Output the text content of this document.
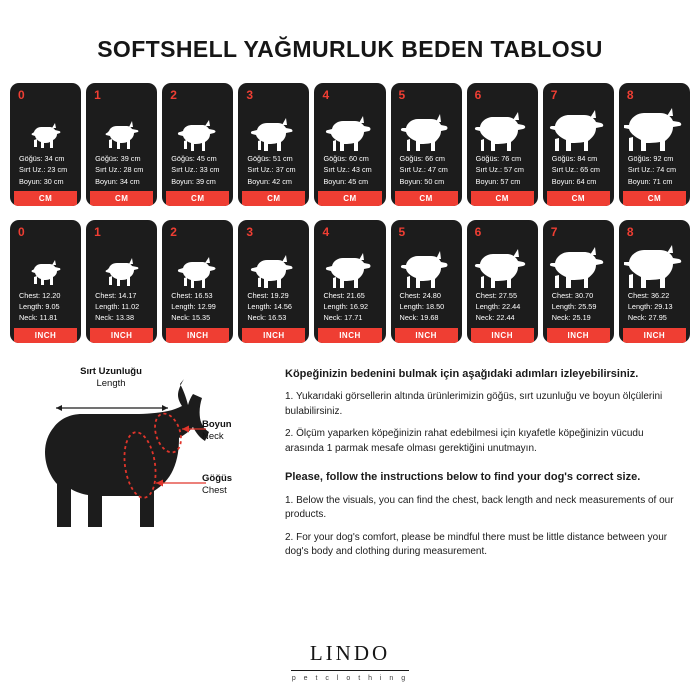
SOFTSHELL YAĞMURLUK BEDEN TABLOSU
0
Göğüs: 34 cm
Sırt Uz.: 23 cm
Boyun: 30 cm
CM
1
Göğüs: 39 cm
Sırt Uz.: 28 cm
Boyun: 34 cm
CM
2
Göğüs: 45 cm
Sırt Uz.: 33 cm
Boyun: 39 cm
CM
3
Göğüs: 51 cm
Sırt Uz.: 37 cm
Boyun: 42 cm
CM
4
Göğüs: 60 cm
Sırt Uz.: 43 cm
Boyun: 45 cm
CM
5
Göğüs: 66 cm
Sırt Uz.: 47 cm
Boyun: 50 cm
CM
6
Göğüs: 76 cm
Sırt Uz.: 57 cm
Boyun: 57 cm
CM
7
Göğüs: 84 cm
Sırt Uz.: 65 cm
Boyun: 64 cm
CM
8
Göğüs: 92 cm
Sırt Uz.: 74 cm
Boyun: 71 cm
CM
0
Chest: 12.20
Length: 9.05
Neck: 11.81
INCH
1
Chest: 14.17
Length: 11.02
Neck: 13.38
INCH
2
Chest: 16.53
Length: 12.99
Neck: 15.35
INCH
3
Chest: 19.29
Length: 14.56
Neck: 16.53
INCH
4
Chest: 21.65
Length: 16.92
Neck: 17.71
INCH
5
Chest: 24.80
Length: 18.50
Neck: 19.68
INCH
6
Chest: 27.55
Length: 22.44
Neck: 22.44
INCH
7
Chest: 30.70
Length: 25.59
Neck: 25.19
INCH
8
Chest: 36.22
Length: 29.13
Neck: 27.95
INCH
Sırt Uzunluğu
Length
Boyun
Neck
Göğüs
Chest
Köpeğinizin bedenini bulmak için aşağıdaki adımları izleyebilirsiniz.

1. Yukarıdaki görsellerin altında ürünlerimizin göğüs, sırt uzunluğu ve boyun ölçülerini bulabilirsiniz.

2. Ölçüm yaparken köpeğinizin rahat edebilmesi için kıyafetle köpeğinizin vücudu arasında 1 parmak mesafe olması gerektiğini unutmayın.

Please, follow the instructions below to find your dog's correct size.

1. Below the visuals, you can find the chest, back length and neck measurements of our products.

2. For your dog's comfort, please be mindful there must be little distance between your dog's body and clothing during measurement.

LINDO
p e t c l o t h i n g
